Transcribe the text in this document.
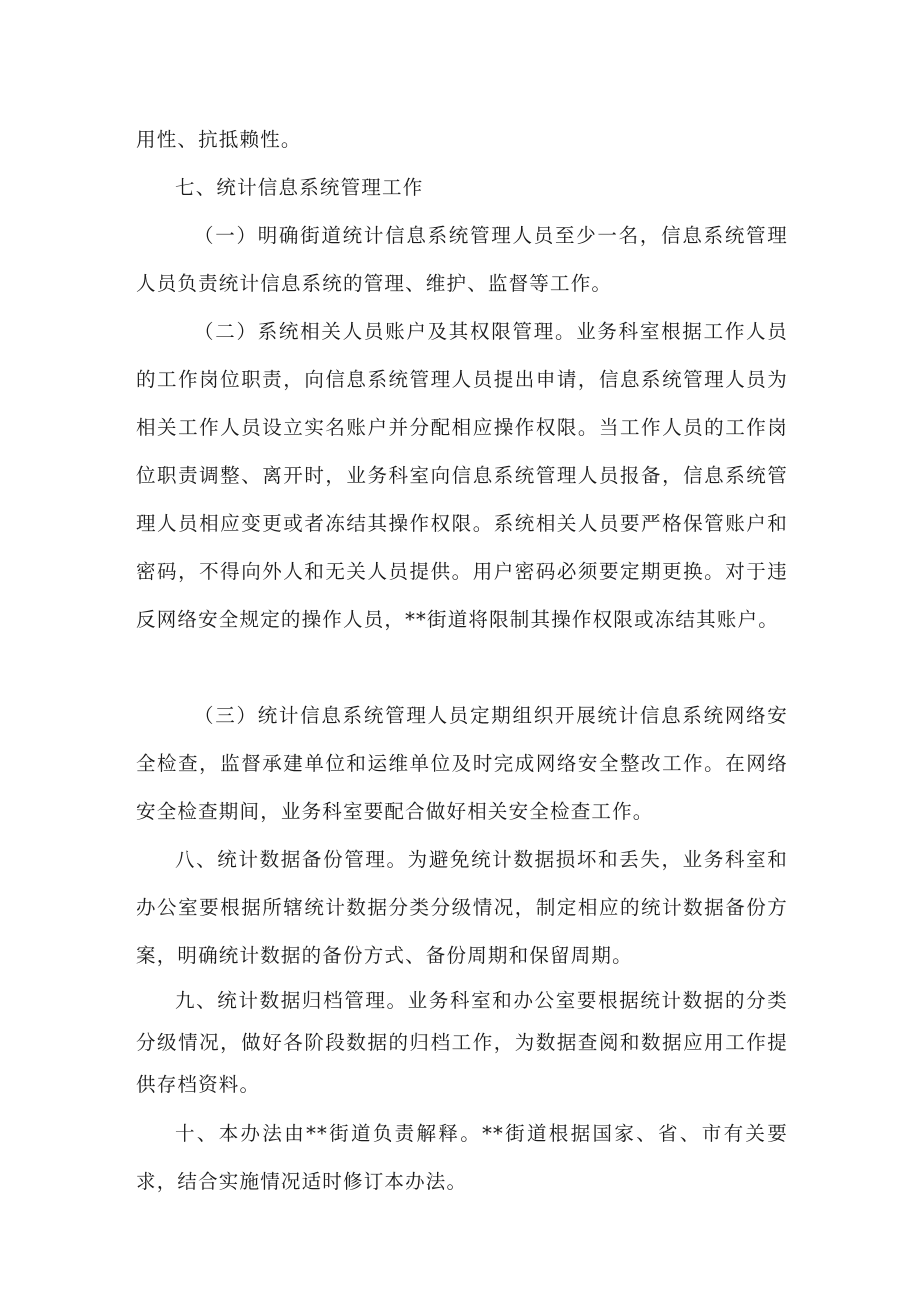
用性、抗抵赖性。

七、统计信息系统管理工作

（一）明确街道统计信息系统管理人员至少一名，信息系统管理人员负责统计信息系统的管理、维护、监督等工作。

（二）系统相关人员账户及其权限管理。业务科室根据工作人员的工作岗位职责，向信息系统管理人员提出申请，信息系统管理人员为相关工作人员设立实名账户并分配相应操作权限。当工作人员的工作岗位职责调整、离开时，业务科室向信息系统管理人员报备，信息系统管理人员相应变更或者冻结其操作权限。系统相关人员要严格保管账户和密码，不得向外人和无关人员提供。用户密码必须要定期更换。对于违反网络安全规定的操作人员，**街道将限制其操作权限或冻结其账户。

（三）统计信息系统管理人员定期组织开展统计信息系统网络安全检查，监督承建单位和运维单位及时完成网络安全整改工作。在网络安全检查期间，业务科室要配合做好相关安全检查工作。

八、统计数据备份管理。为避免统计数据损坏和丢失，业务科室和办公室要根据所辖统计数据分类分级情况，制定相应的统计数据备份方案，明确统计数据的备份方式、备份周期和保留周期。

九、统计数据归档管理。业务科室和办公室要根据统计数据的分类分级情况，做好各阶段数据的归档工作，为数据查阅和数据应用工作提供存档资料。

十、本办法由**街道负责解释。**街道根据国家、省、市有关要求，结合实施情况适时修订本办法。
